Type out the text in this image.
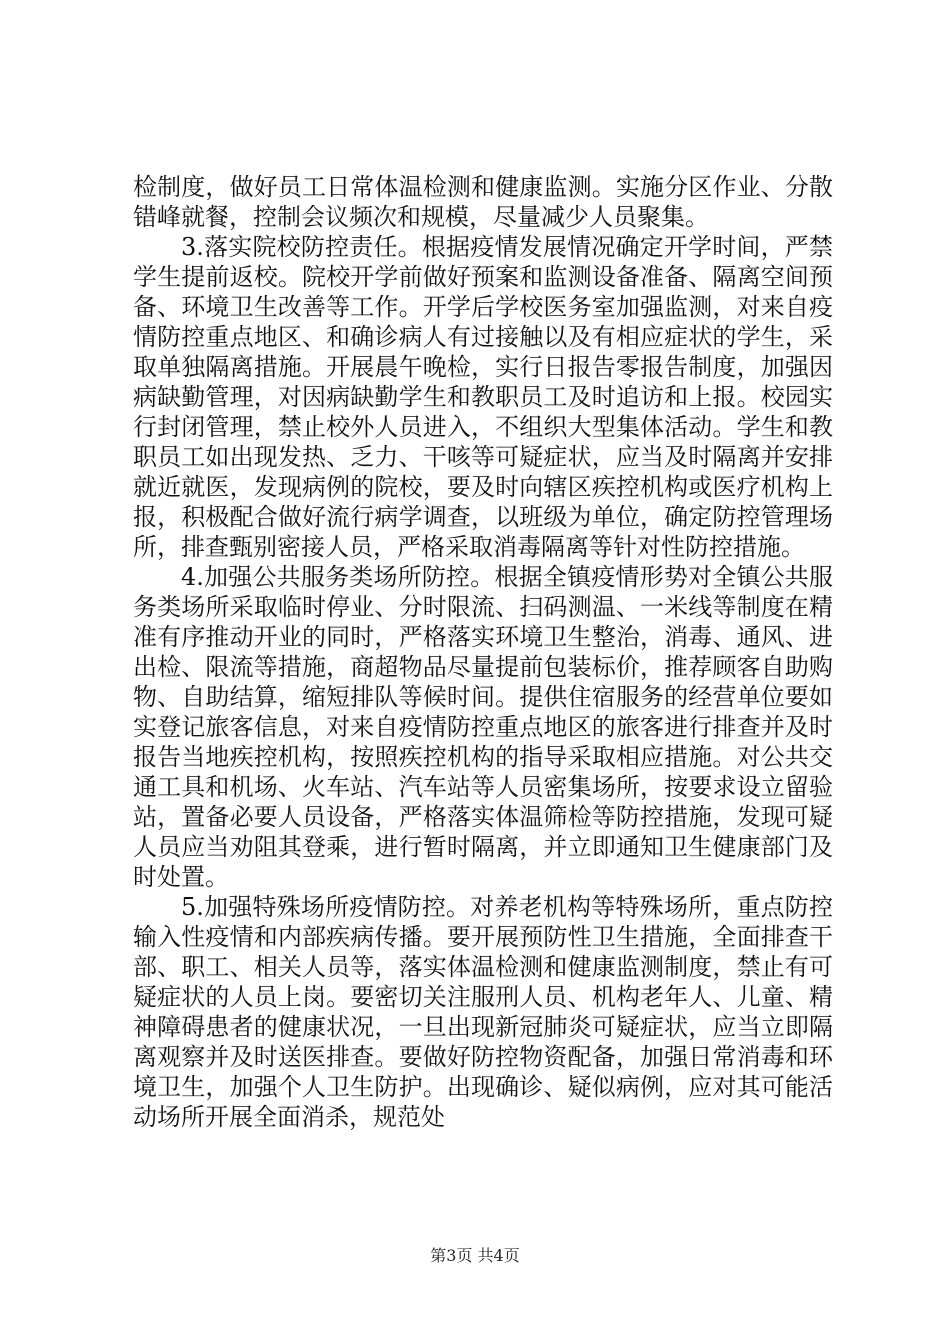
检制度，做好员工日常体温检测和健康监测。实施分区作业、分散错峰就餐，控制会议频次和规模，尽量减少人员聚集。

3.落实院校防控责任。根据疫情发展情况确定开学时间，严禁学生提前返校。院校开学前做好预案和监测设备准备、隔离空间预备、环境卫生改善等工作。开学后学校医务室加强监测，对来自疫情防控重点地区、和确诊病人有过接触以及有相应症状的学生，采取单独隔离措施。开展晨午晚检，实行日报告零报告制度，加强因病缺勤管理，对因病缺勤学生和教职员工及时追访和上报。校园实行封闭管理，禁止校外人员进入，不组织大型集体活动。学生和教职员工如出现发热、乏力、干咳等可疑症状，应当及时隔离并安排就近就医，发现病例的院校，要及时向辖区疾控机构或医疗机构上报，积极配合做好流行病学调查，以班级为单位，确定防控管理场所，排查甄别密接人员，严格采取消毒隔离等针对性防控措施。

4.加强公共服务类场所防控。根据全镇疫情形势对全镇公共服务类场所采取临时停业、分时限流、扫码测温、一米线等制度在精准有序推动开业的同时，严格落实环境卫生整治，消毒、通风、进出检、限流等措施，商超物品尽量提前包装标价，推荐顾客自助购物、自助结算，缩短排队等候时间。提供住宿服务的经营单位要如实登记旅客信息，对来自疫情防控重点地区的旅客进行排查并及时报告当地疾控机构，按照疾控机构的指导采取相应措施。对公共交通工具和机场、火车站、汽车站等人员密集场所，按要求设立留验站，置备必要人员设备，严格落实体温筛检等防控措施，发现可疑人员应当劝阻其登乘，进行暂时隔离，并立即通知卫生健康部门及时处置。

5.加强特殊场所疫情防控。对养老机构等特殊场所，重点防控输入性疫情和内部疾病传播。要开展预防性卫生措施，全面排查干部、职工、相关人员等，落实体温检测和健康监测制度，禁止有可疑症状的人员上岗。要密切关注服刑人员、机构老年人、儿童、精神障碍患者的健康状况，一旦出现新冠肺炎可疑症状，应当立即隔离观察并及时送医排查。要做好防控物资配备，加强日常消毒和环境卫生，加强个人卫生防护。出现确诊、疑似病例，应对其可能活动场所开展全面消杀，规范处

第3页 共4页
